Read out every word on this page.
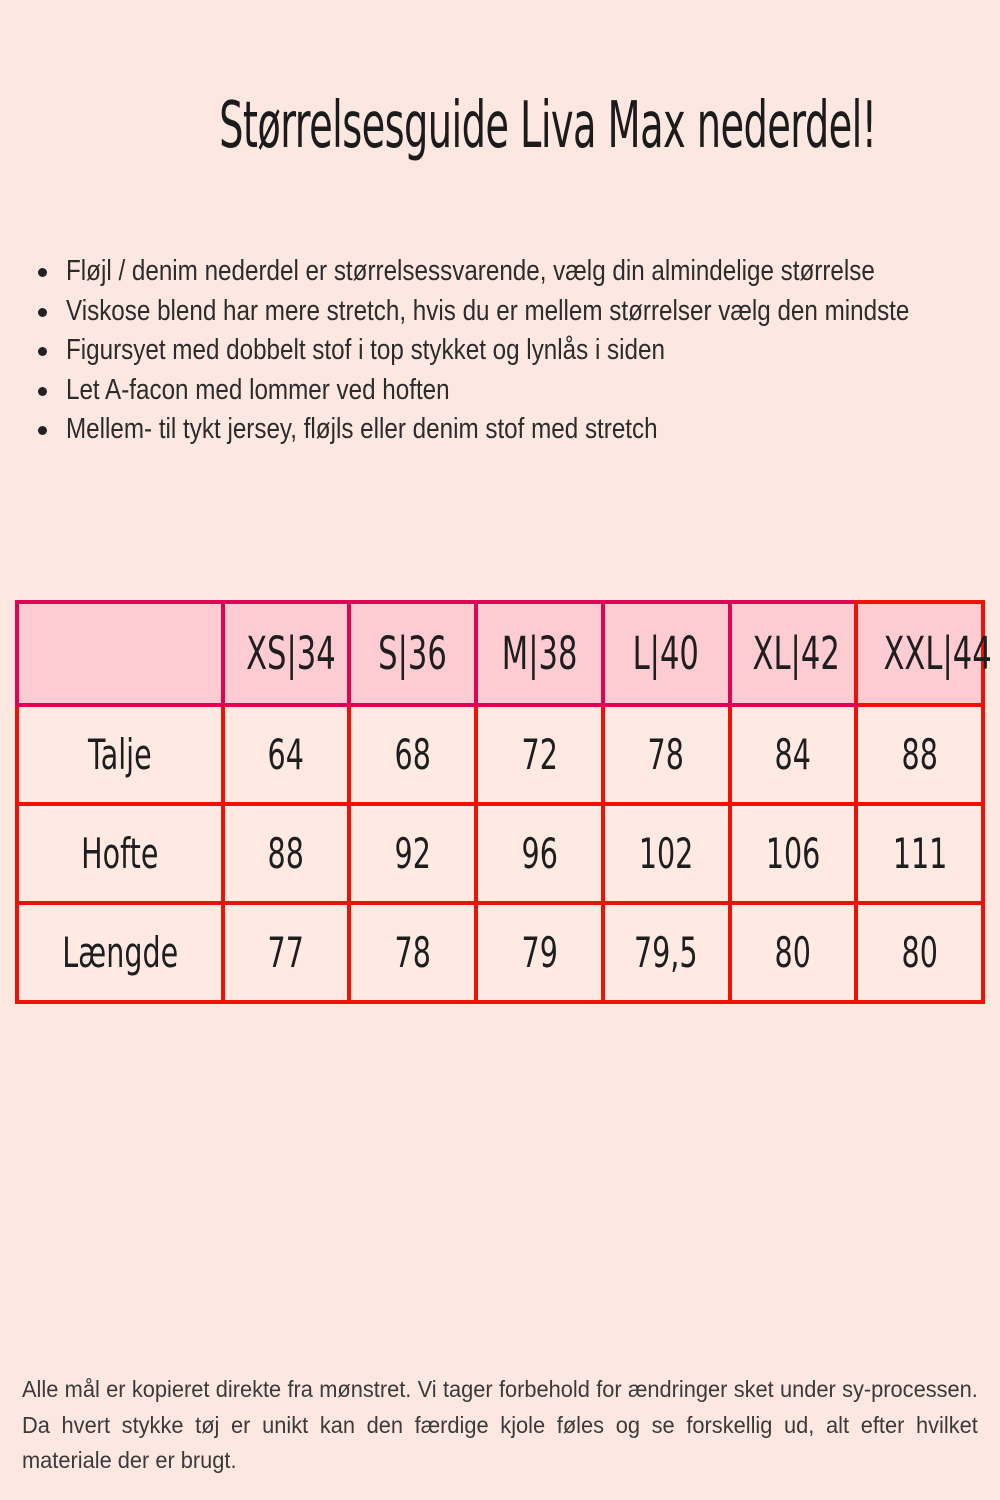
Størrelsesguide Liva Max nederdel!
Fløjl / denim nederdel er størrelsessvarende, vælg din almindelige størrelse
Viskose blend har mere stretch, hvis du er mellem størrelser vælg den mindste
Figursyet med dobbelt stof i top stykket og lynlås i siden
Let A-facon med lommer ved hoften
Mellem- til tykt jersey, fløjls eller denim stof med stretch
	XS|34	S|36	M|38	L|40	XL|42	XXL|44
Talje	64	68	72	78	84	88
Hofte	88	92	96	102	106	111
Længde	77	78	79	79,5	80	80
Alle mål er kopieret direkte fra mønstret. Vi tager forbehold for ændringer sket under sy-processen. Da hvert stykke tøj er unikt kan den færdige kjole føles og se forskellig ud, alt efter hvilket materiale der er brugt.
